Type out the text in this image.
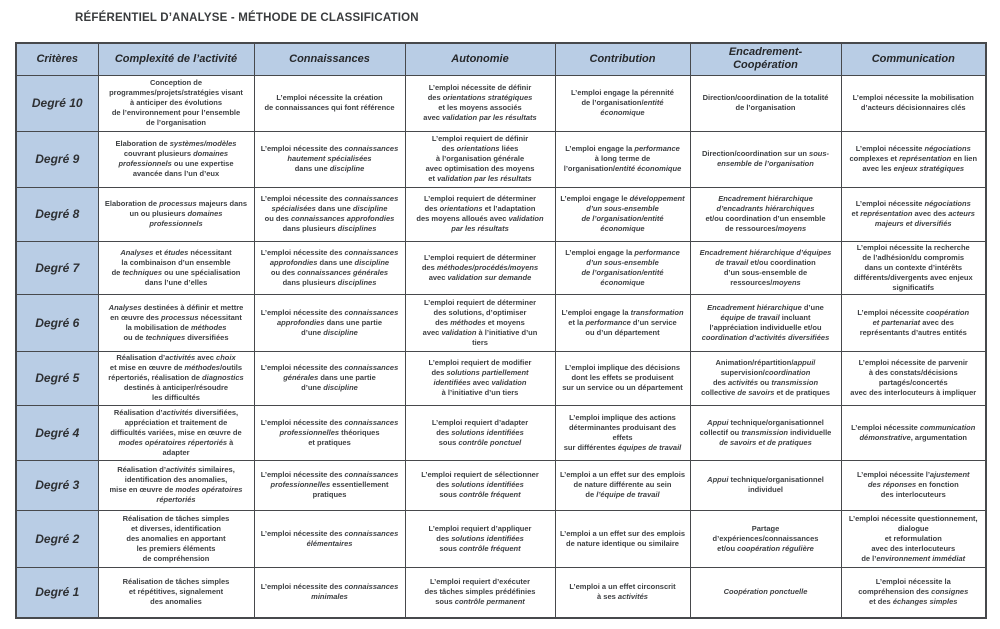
RÉFÉRENTIEL D’ANALYSE - MÉTHODE DE CLASSIFICATION
Critères	Complexité de l’activité	Connaissances	Autonomie	Contribution	Encadrement-
Coopération	Communication
Degré 10	Conception de
programmes/projets/stratégies visant
à anticiper des évolutions
de l’environnement pour l’ensemble
de l’organisation	L’emploi nécessite la création
de connaissances qui font référence	L’emploi nécessite de définir
des orientations stratégiques
et les moyens associés
avec validation par les résultats	L’emploi engage la pérennité
de l’organisation/entité économique	Direction/coordination de la totalité
de l’organisation	L’emploi nécessite la mobilisation
d’acteurs décisionnaires clés
Degré 9	Elaboration de systèmes/modèles
couvrant plusieurs domaines
professionnels ou une expertise
avancée dans l’un d’eux	L’emploi nécessite des connaissances
hautement spécialisées
dans une discipline	L’emploi requiert de définir
des orientations liées
à l’organisation générale
avec optimisation des moyens
et validation par les résultats	L’emploi engage la performance
à long terme de
l’organisation/entité économique	Direction/coordination sur un sous-
ensemble de l’organisation	L’emploi nécessite négociations
complexes et représentation en lien
avec les enjeux stratégiques
Degré 8	Elaboration de processus majeurs dans
un ou plusieurs domaines
professionnels	L’emploi nécessite des connaissances
spécialisées dans une discipline
ou des connaissances approfondies
dans plusieurs disciplines	L’emploi requiert de déterminer
des orientations et l’adaptation
des moyens alloués avec validation
par les résultats	L’emploi engage le développement
d’un sous-ensemble
de l’organisation/entité
économique	Encadrement hiérarchique
d’encadrants hiérarchiques
et/ou coordination d’un ensemble
de ressources/moyens	L’emploi nécessite négociations
et représentation avec des acteurs
majeurs et diversifiés
Degré 7	Analyses et études nécessitant
la combinaison d’un ensemble
de techniques ou une spécialisation
dans l’une d’elles	L’emploi nécessite des connaissances
approfondies dans une discipline
ou des connaissances générales
dans plusieurs disciplines	L’emploi requiert de déterminer
des méthodes/procédés/moyens
avec validation sur demande	L’emploi engage la performance
d’un sous-ensemble
de l’organisation/entité
économique	Encadrement hiérarchique d’équipes
de travail et/ou coordination
d’un sous-ensemble de
ressources/moyens	L’emploi nécessite la recherche
de l’adhésion/du compromis
dans un contexte d’intérêts
différents/divergents avec enjeux
significatifs
Degré 6	Analyses destinées à définir et mettre
en œuvre des processus nécessitant
la mobilisation de méthodes
ou de techniques diversifiées	L’emploi nécessite des connaissances
approfondies dans une partie
d’une discipline	L’emploi requiert de déterminer
des solutions, d’optimiser
des méthodes et moyens
avec validation à l’initiative d’un
tiers	L’emploi engage la transformation
et la performance d’un service
ou d’un département	Encadrement hiérarchique d’une
équipe de travail incluant
l’appréciation individuelle et/ou
coordination d’activités diversifiées	L’emploi nécessite coopération
et partenariat avec des
représentants d’autres entités
Degré 5	Réalisation d’activités avec choix
et mise en œuvre de méthodes/outils
répertoriés, réalisation de diagnostics
destinés à anticiper/résoudre
les difficultés	L’emploi nécessite des connaissances
générales dans une partie
d’une discipline	L’emploi requiert de modifier
des solutions partiellement
identifiées avec validation
à l’initiative d’un tiers	L’emploi implique des décisions
dont les effets se produisent
sur un service ou un département	Animation/répartition/appui/
supervision/coordination
des activités ou transmission
collective de savoirs et de pratiques	L’emploi nécessite de parvenir
à des constats/décisions
partagés/concertés
avec des interlocuteurs à impliquer
Degré 4	Réalisation d’activités diversifiées,
appréciation et traitement de
difficultés variées, mise en œuvre de
modes opératoires répertoriés à
adapter	L’emploi nécessite des connaissances
professionnelles théoriques
et pratiques	L’emploi requiert d’adapter
des solutions identifiées
sous contrôle ponctuel	L’emploi implique des actions
déterminantes produisant des effets
sur différentes équipes de travail	Appui technique/organisationnel
collectif ou transmission individuelle
de savoirs et de pratiques	L’emploi nécessite communication
démonstrative, argumentation
Degré 3	Réalisation d’activités similaires,
identification des anomalies,
mise en œuvre de modes opératoires
répertoriés	L’emploi nécessite des connaissances
professionnelles essentiellement
pratiques	L’emploi requiert de sélectionner
des solutions identifiées
sous contrôle fréquent	L’emploi a un effet sur des emplois
de nature différente au sein
de l’équipe de travail	Appui technique/organisationnel
individuel	L’emploi nécessite l’ajustement
des réponses en fonction
des interlocuteurs
Degré 2	Réalisation de tâches simples
et diverses, identification
des anomalies en apportant
les premiers éléments
de compréhension	L’emploi nécessite des connaissances
élémentaires	L’emploi requiert d’appliquer
des solutions identifiées
sous contrôle fréquent	L’emploi a un effet sur des emplois
de nature identique ou similaire	Partage
d’expériences/connaissances
et/ou coopération régulière	L’emploi nécessite questionnement,
dialogue
et reformulation
avec des interlocuteurs
de l’environnement immédiat
Degré 1	Réalisation de tâches simples
et répétitives, signalement
des anomalies	L’emploi nécessite des connaissances
minimales	L’emploi requiert d’exécuter
des tâches simples prédéfinies
sous contrôle permanent	L’emploi a un effet circonscrit
à ses activités	Coopération ponctuelle	L’emploi nécessite la
compréhension des consignes
et des échanges simples
